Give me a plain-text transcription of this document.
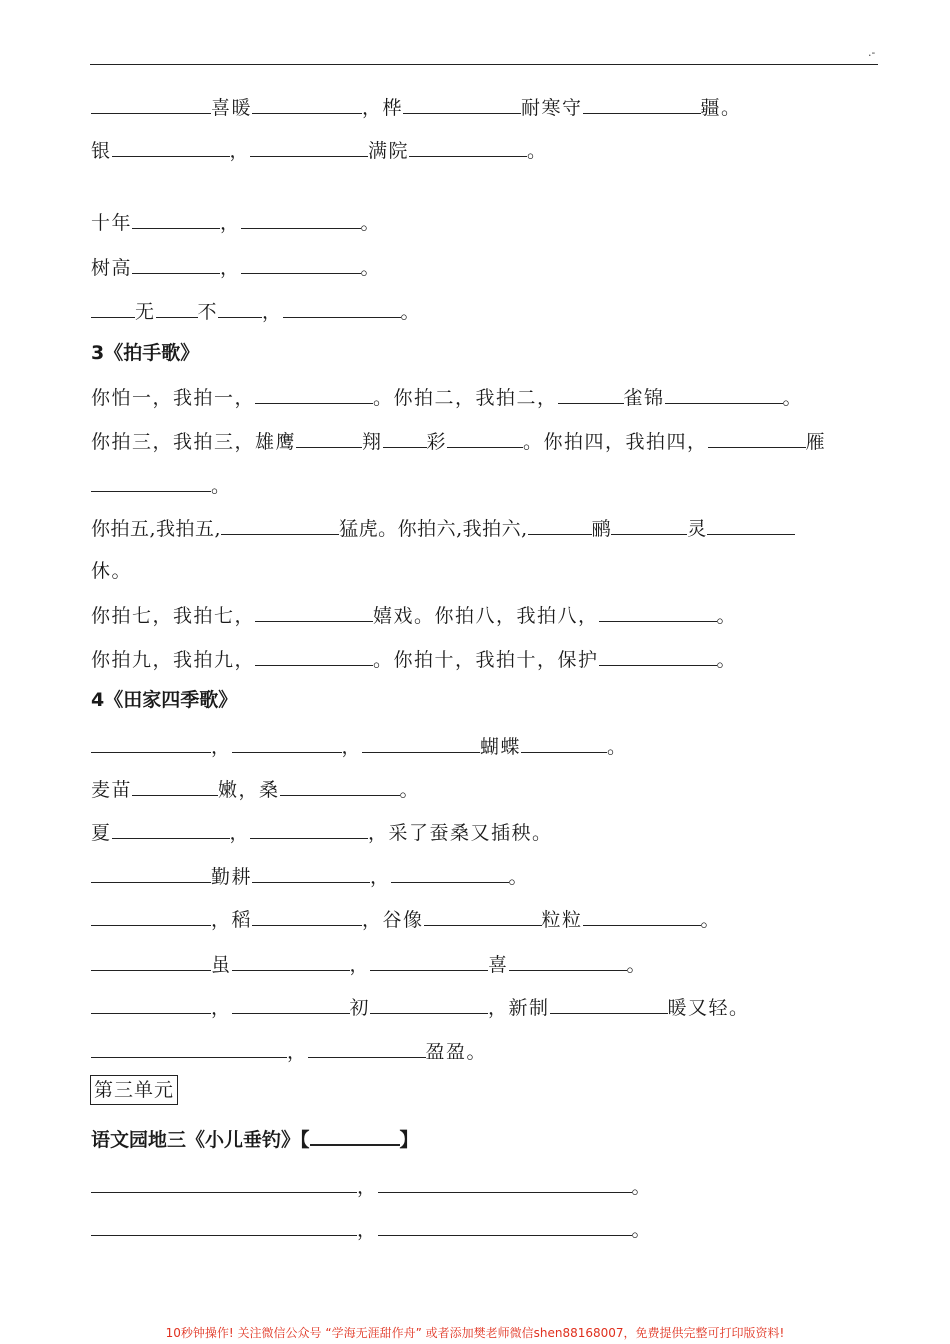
.-
喜暖	，桦	耐寒守	疆。
银	，	满院	。
十年	，	。
树高	，	。
无 不 ，	。
3《拍手歌》
你怕一，我拍一，	。你拍二，我拍二，	雀锦	。
你拍三，我拍三，雄鹰	翔 彩	。你拍四，我拍四，	雁
。
你拍五,我拍五,	猛虎。你拍六,我拍六,	鹂	灵
休。
你拍七，我拍七，	嬉戏。你拍八，我拍八，	。
你拍九，我拍九，	。你拍十，我拍十，保护	。
4《田家四季歌》
，	，	蝴蝶	。
麦苗	嫩，桑	。
夏	，	，采了蚕桑又插秧。
勤耕	，	。
，稻	，谷像	粒粒	。
虽	，	喜	。
，	初	，新制	暖又轻。
，	盈盈。
第三单元
语文园地三《小儿垂钓》【	】
，	。
，	。
10秒钟操作! 关注微信公众号 “学海无涯甜作舟” 或者添加樊老师微信shen88168007，免费提供完整可打印版资料!
